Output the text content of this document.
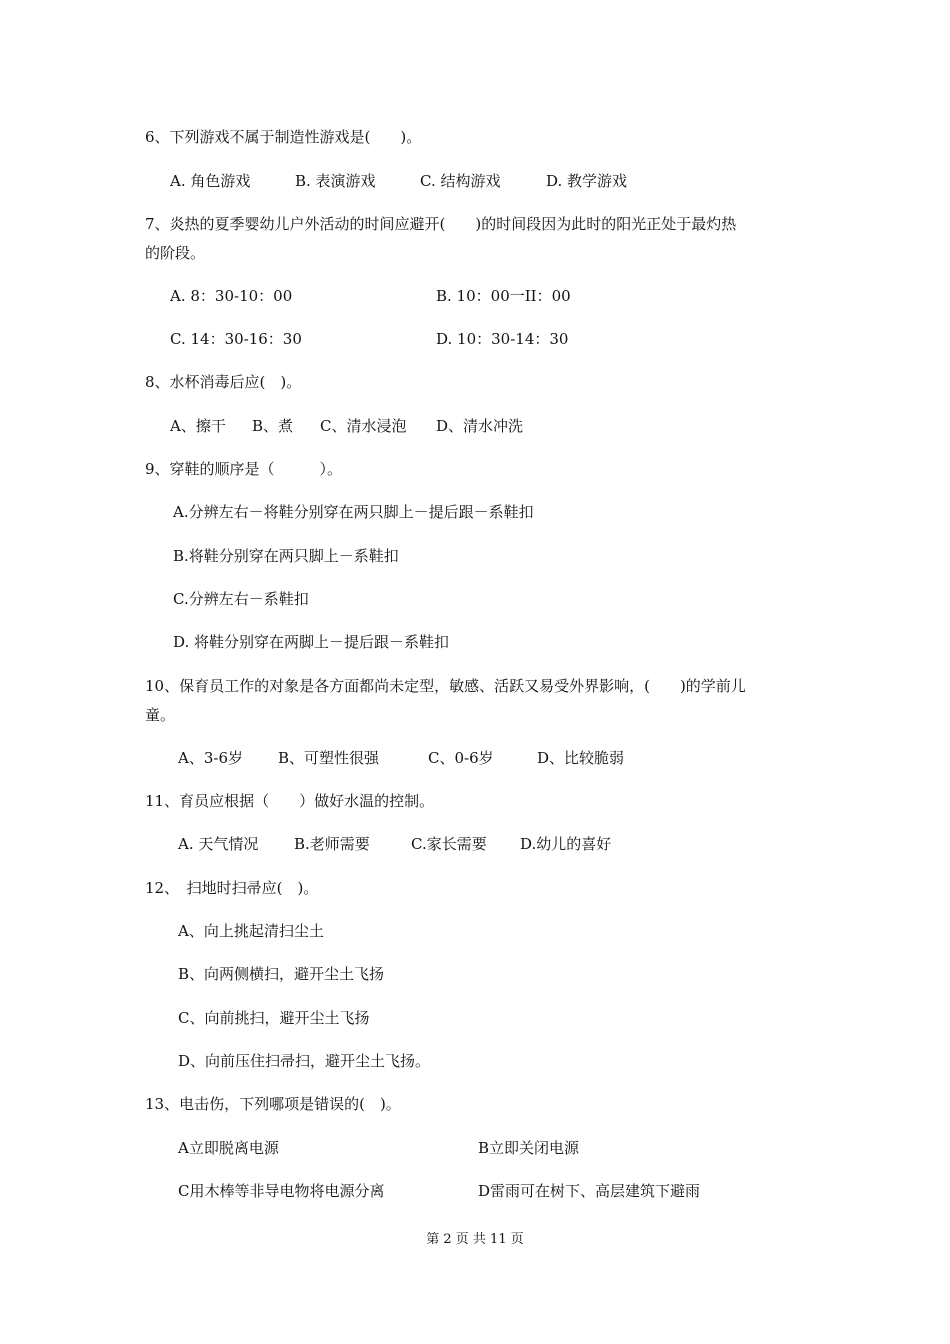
6、下列游戏不属于制造性游戏是(　　)。
A. 角色游戏	B. 表演游戏	C. 结构游戏	D. 教学游戏
7、炎热的夏季婴幼儿户外活动的时间应避开(　　)的时间段因为此时的阳光正处于最灼热
的阶段。
A. 8：30-10：00	B. 10：00一II：00
C. 14：30-16：30	D. 10：30-14：30
8、水杯消毒后应(　)。
A、擦干 B、煮 C、清水浸泡 D、清水冲洗
9、穿鞋的顺序是（　　　）。
A.分辨左右－将鞋分别穿在两只脚上－提后跟－系鞋扣
B.将鞋分别穿在两只脚上－系鞋扣
C.分辨左右－系鞋扣
D. 将鞋分别穿在两脚上－提后跟－系鞋扣
10、保育员工作的对象是各方面都尚未定型，敏感、活跃又易受外界影响，(　　)的学前儿
童。
A、3-6岁 B、可塑性很强	C、0-6岁	D、比较脆弱
11、育员应根据（　　）做好水温的控制。
A. 天气情况 B.老师需要	C.家长需要 D.幼儿的喜好
12、　扫地时扫帚应(　)。
A、向上挑起清扫尘土
B、向两侧横扫，避开尘土飞扬
C、向前挑扫，避开尘土飞扬
D、向前压住扫帚扫，避开尘土飞扬。
13、电击伤，下列哪项是错误的(　)。
A立即脱离电源	B立即关闭电源
C用木棒等非导电物将电源分离	D雷雨可在树下、高层建筑下避雨
第 2 页 共 11 页
